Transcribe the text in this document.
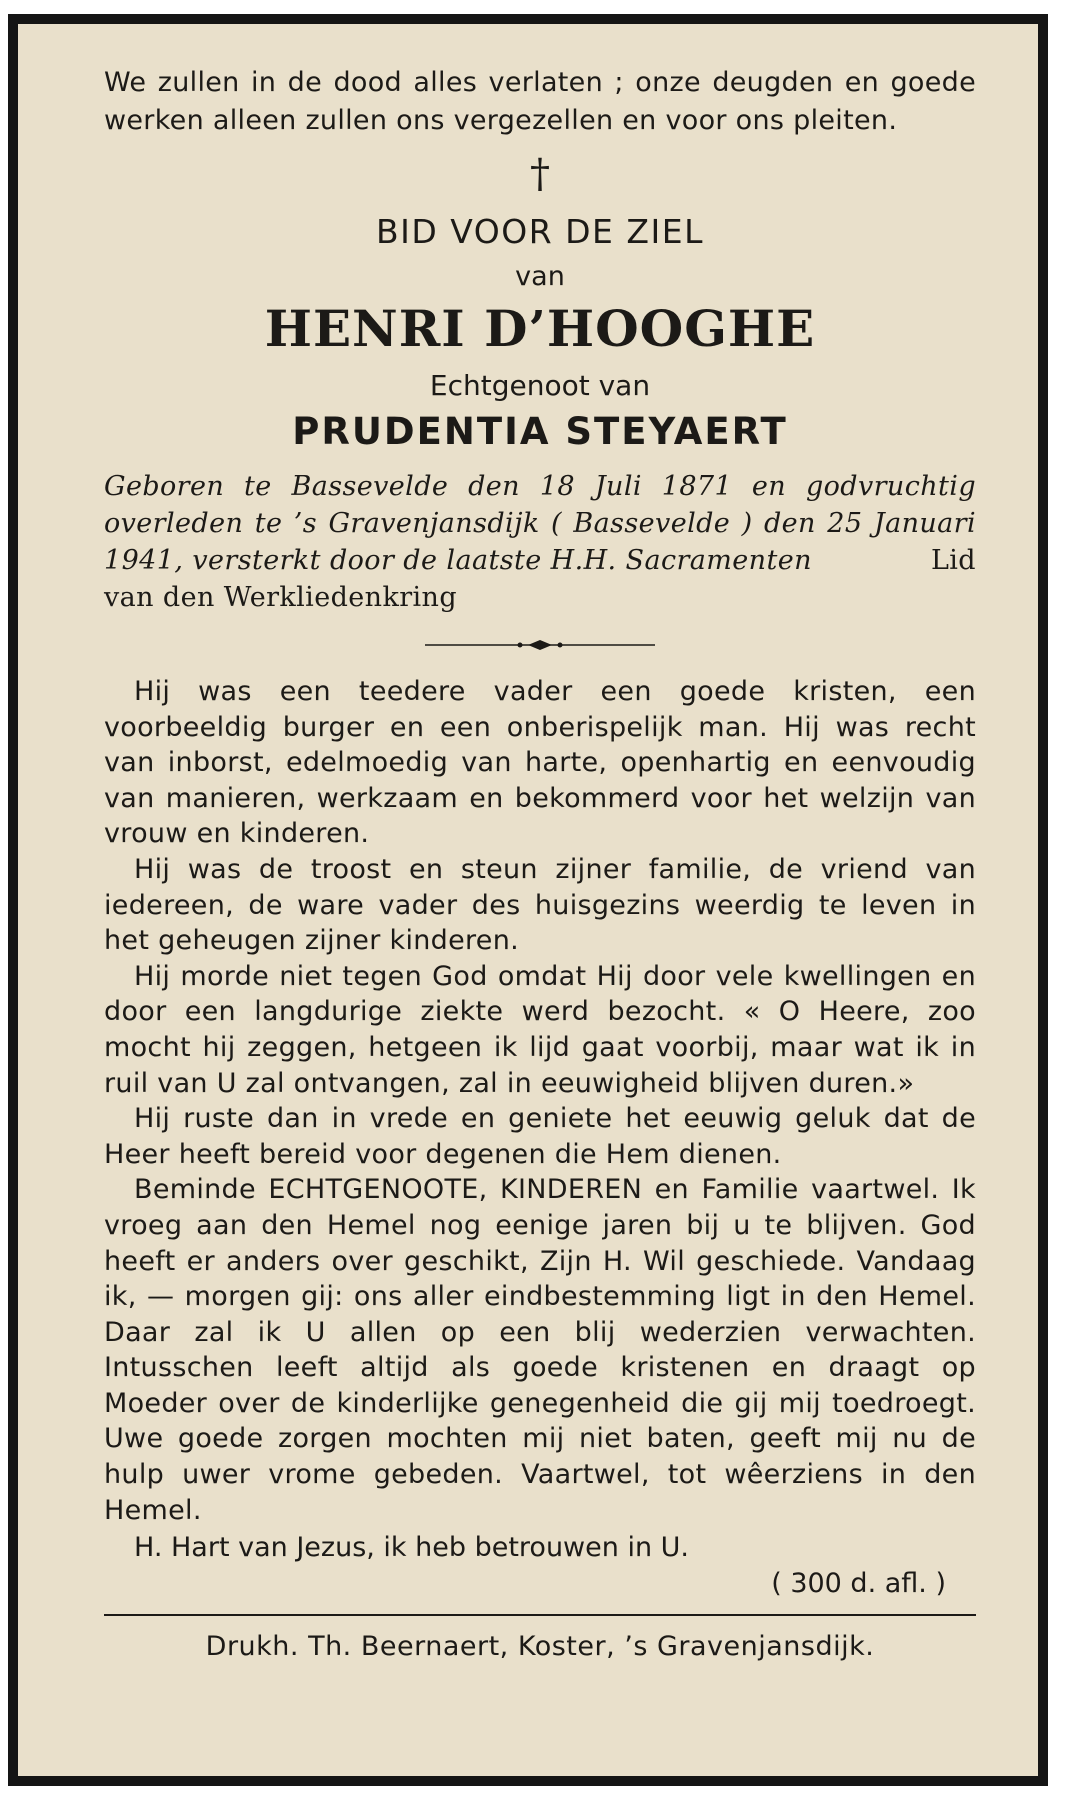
We zullen in de dood alles verlaten ; onze deugden en goede werken alleen zullen ons vergezellen en voor ons pleiten.

†
BID VOOR DE ZIEL
van
HENRI D’HOOGHE
Echtgenoot van
PRUDENTIA STEYAERT

Geboren te Bassevelde den 18 Juli 1871 en godvruchtig overleden te ’s Gravenjansdijk ( Bassevelde ) den 25 Januari 1941, versterkt door de laatste H.H. Sacramenten	Lid van den Werkliedenkring

Hij was een teedere vader een goede kristen, een voorbeeldig burger en een onberispelijk man. Hij was recht van inborst, edelmoedig van harte, openhartig en eenvoudig van manieren, werkzaam en bekommerd voor het welzijn van vrouw en kinderen.

Hij was de troost en steun zijner familie, de vriend van iedereen, de ware vader des huisgezins weerdig te leven in het geheugen zijner kinderen.

Hij morde niet tegen God omdat Hij door vele kwellingen en door een langdurige ziekte werd bezocht. « O Heere, zoo mocht hij zeggen, hetgeen ik lijd gaat voorbij, maar wat ik in ruil van U zal ontvangen, zal in eeuwigheid blijven duren.»

Hij ruste dan in vrede en geniete het eeuwig geluk dat de Heer heeft bereid voor degenen die Hem dienen.

Beminde ECHTGENOOTE, KINDEREN en Familie vaartwel. Ik vroeg aan den Hemel nog eenige jaren bij u te blijven. God heeft er anders over geschikt, Zijn H. Wil geschiede. Vandaag ik, — morgen gij: ons aller eindbestemming ligt in den Hemel. Daar zal ik U allen op een blij wederzien verwachten. Intusschen leeft altijd als goede kristenen en draagt op Moeder over de kinderlijke genegenheid die gij mij toedroegt. Uwe goede zorgen mochten mij niet baten, geeft mij nu de hulp uwer vrome gebeden. Vaartwel, tot wêerziens in den Hemel.

H. Hart van Jezus, ik heb betrouwen in U.
( 300 d. afl. )
Drukh. Th. Beernaert, Koster, ’s Gravenjansdijk.
